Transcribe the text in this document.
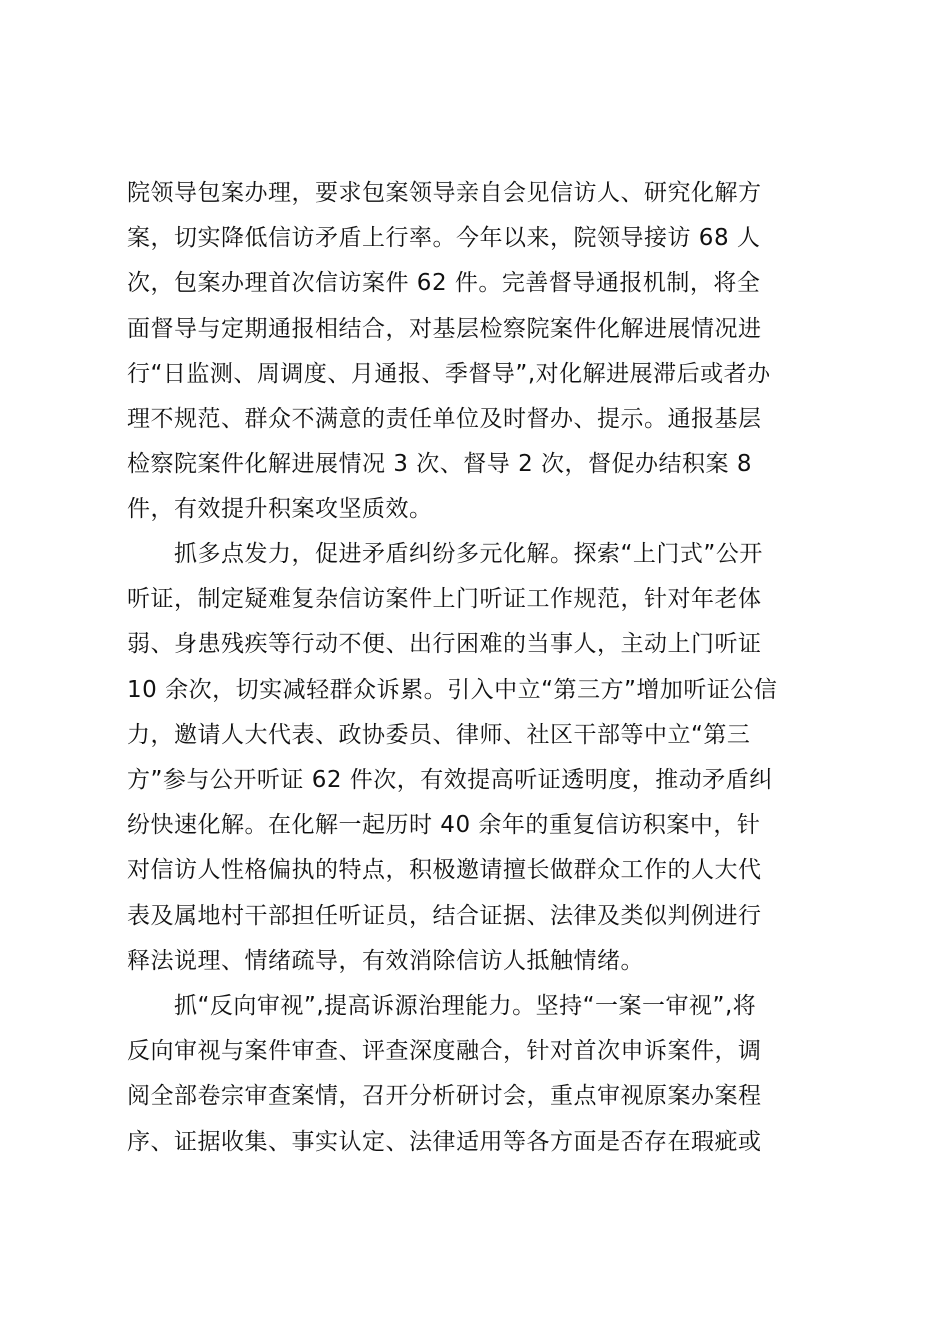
院领导包案办理，要求包案领导亲自会见信访人、研究化解方
案，切实降低信访矛盾上行率。今年以来，院领导接访 68 人
次，包案办理首次信访案件 62 件。完善督导通报机制，将全
面督导与定期通报相结合，对基层检察院案件化解进展情况进
行“日监测、周调度、月通报、季督导”,对化解进展滞后或者办
理不规范、群众不满意的责任单位及时督办、提示。通报基层
检察院案件化解进展情况 3 次、督导 2 次，督促办结积案 8
件，有效提升积案攻坚质效。
　　抓多点发力，促进矛盾纠纷多元化解。探索“上门式”公开
听证，制定疑难复杂信访案件上门听证工作规范，针对年老体
弱、身患残疾等行动不便、出行困难的当事人，主动上门听证
10 余次，切实减轻群众诉累。引入中立“第三方”增加听证公信
力，邀请人大代表、政协委员、律师、社区干部等中立“第三
方”参与公开听证 62 件次，有效提高听证透明度，推动矛盾纠
纷快速化解。在化解一起历时 40 余年的重复信访积案中，针
对信访人性格偏执的特点，积极邀请擅长做群众工作的人大代
表及属地村干部担任听证员，结合证据、法律及类似判例进行
释法说理、情绪疏导，有效消除信访人抵触情绪。
　　抓“反向审视”,提高诉源治理能力。坚持“一案一审视”,将
反向审视与案件审查、评查深度融合，针对首次申诉案件，调
阅全部卷宗审查案情，召开分析研讨会，重点审视原案办案程
序、证据收集、事实认定、法律适用等各方面是否存在瑕疵或
